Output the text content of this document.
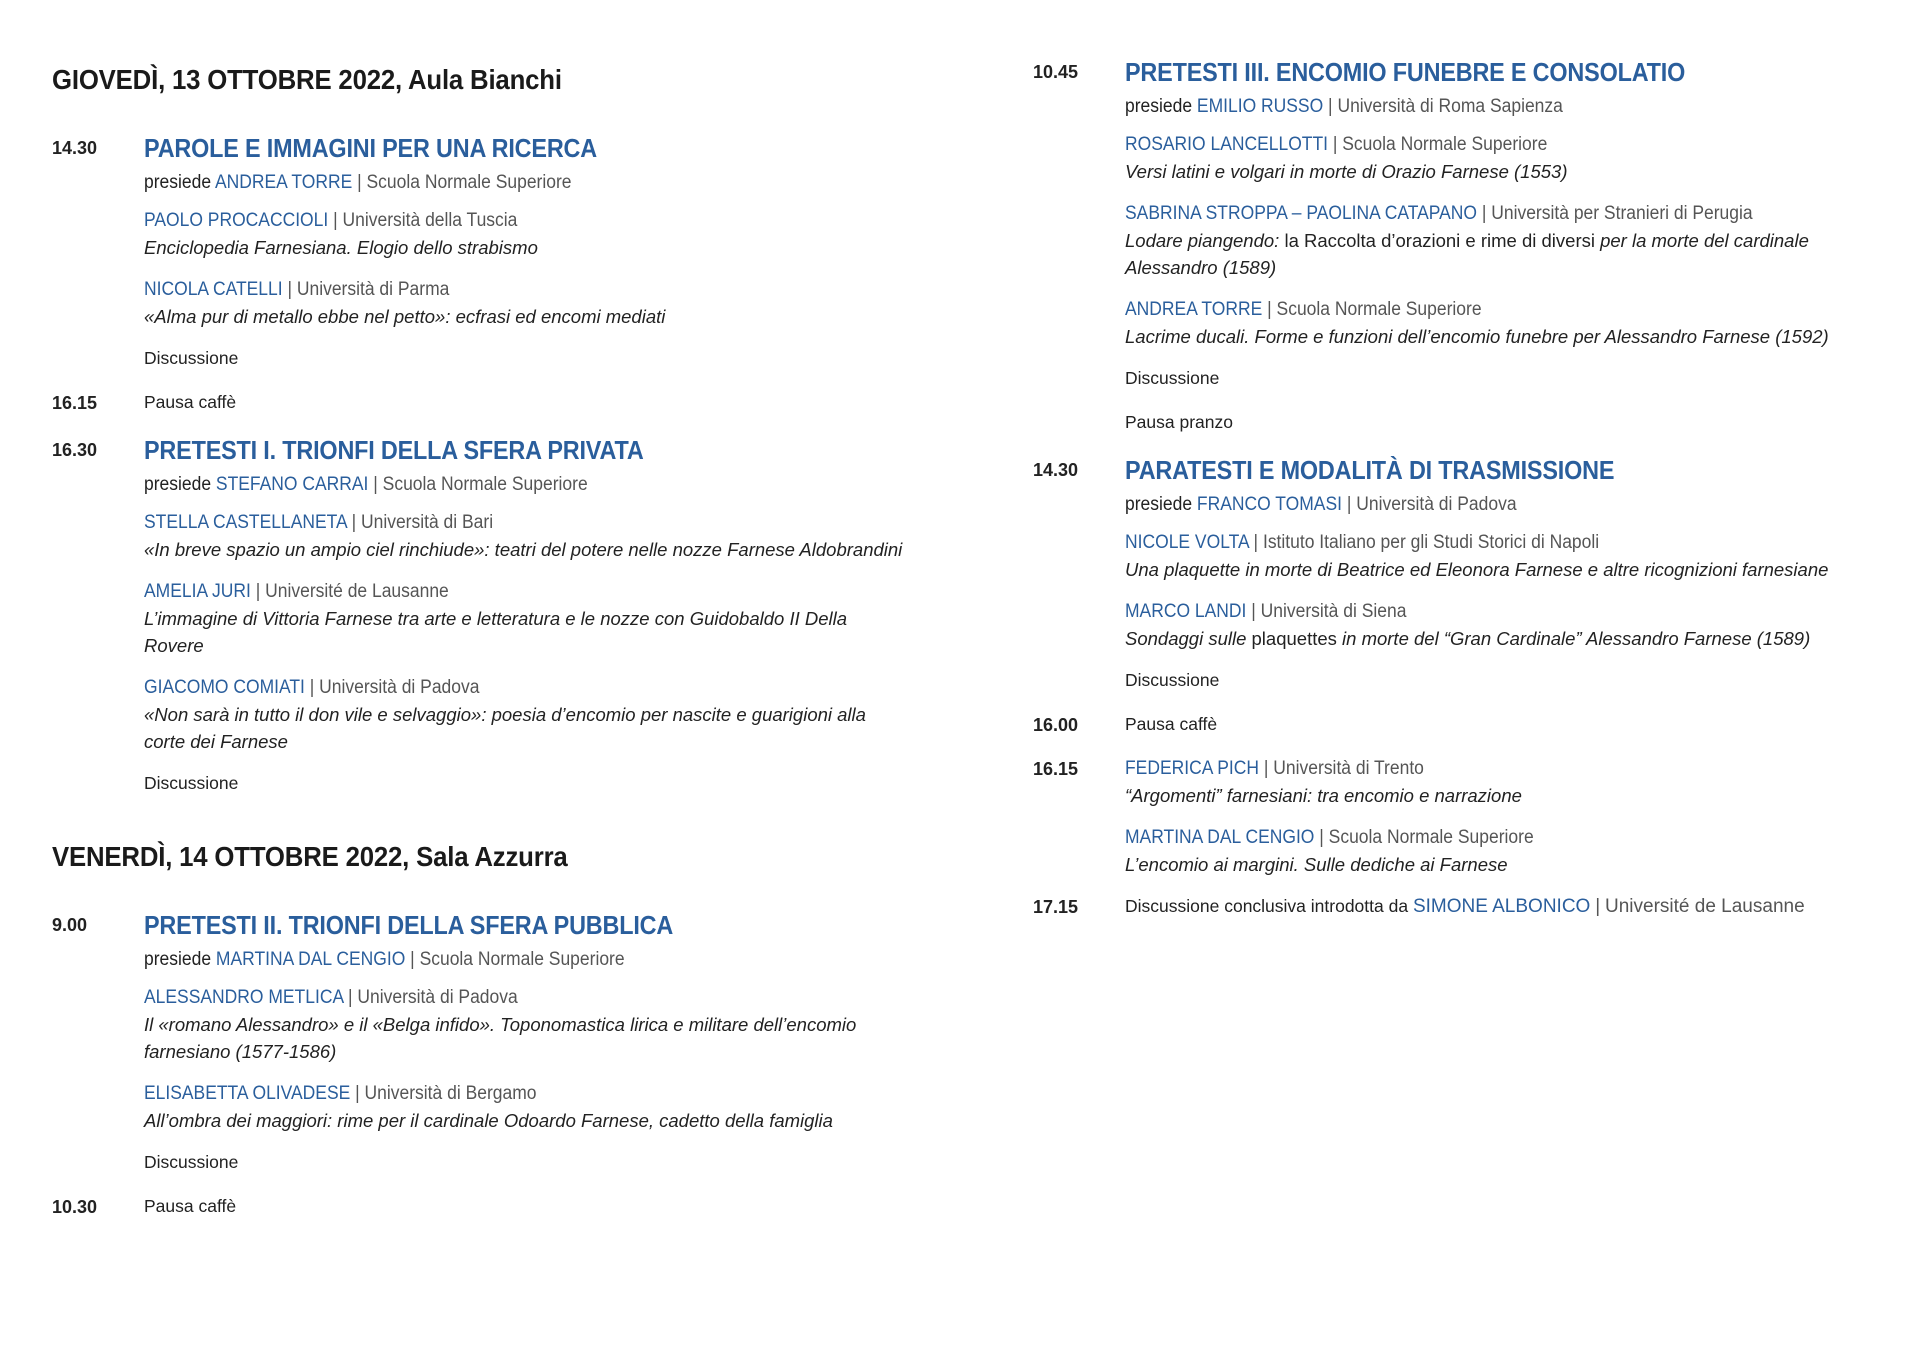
GIOVEDÌ, 13 OTTOBRE 2022, Aula Bianchi
14.30	PAROLE E IMMAGINI PER UNA RICERCA
presiede ANDREA TORRE | Scuola Normale Superiore
PAOLO PROCACCIOLI | Università della Tuscia
Enciclopedia Farnesiana. Elogio dello strabismo
NICOLA CATELLI | Università di Parma
«Alma pur di metallo ebbe nel petto»: ecfrasi ed encomi mediati
Discussione
16.15	Pausa caffè
16.30	PRETESTI I. TRIONFI DELLA SFERA PRIVATA
presiede STEFANO CARRAI | Scuola Normale Superiore
STELLA CASTELLANETA | Università di Bari
«In breve spazio un ampio ciel rinchiude»: teatri del potere nelle nozze Farnese Aldobrandini
AMELIA JURI | Université de Lausanne
L’immagine di Vittoria Farnese tra arte e letteratura e le nozze con Guidobaldo II Della Rovere
GIACOMO COMIATI | Università di Padova
«Non sarà in tutto il don vile e selvaggio»: poesia d’encomio per nascite e guarigioni alla corte dei Farnese
Discussione
VENERDÌ, 14 OTTOBRE 2022, Sala Azzurra
9.00	PRETESTI II. TRIONFI DELLA SFERA PUBBLICA
presiede MARTINA DAL CENGIO | Scuola Normale Superiore
ALESSANDRO METLICA | Università di Padova
Il «romano Alessandro» e il «Belga infido». Toponomastica lirica e militare dell’encomio farnesiano (1577-1586)
ELISABETTA OLIVADESE | Università di Bergamo
All’ombra dei maggiori: rime per il cardinale Odoardo Farnese, cadetto della famiglia
Discussione
10.30	Pausa caffè
10.45	PRETESTI III. ENCOMIO FUNEBRE E CONSOLATIO
presiede EMILIO RUSSO | Università di Roma Sapienza
ROSARIO LANCELLOTTI | Scuola Normale Superiore
Versi latini e volgari in morte di Orazio Farnese (1553)
SABRINA STROPPA – PAOLINA CATAPANO | Università per Stranieri di Perugia
Lodare piangendo: la Raccolta d’orazioni e rime di diversi per la morte del cardinale Alessandro (1589)
ANDREA TORRE | Scuola Normale Superiore
Lacrime ducali. Forme e funzioni dell’encomio funebre per Alessandro Farnese (1592)
Discussione
Pausa pranzo
14.30	PARATESTI E MODALITÀ DI TRASMISSIONE
presiede FRANCO TOMASI | Università di Padova
NICOLE VOLTA | Istituto Italiano per gli Studi Storici di Napoli
Una plaquette in morte di Beatrice ed Eleonora Farnese e altre ricognizioni farnesiane
MARCO LANDI | Università di Siena
Sondaggi sulle plaquettes in morte del “Gran Cardinale” Alessandro Farnese (1589)
Discussione
16.00	Pausa caffè
16.15	FEDERICA PICH | Università di Trento
“Argomenti” farnesiani: tra encomio e narrazione
MARTINA DAL CENGIO | Scuola Normale Superiore
L’encomio ai margini. Sulle dediche ai Farnese
17.15	Discussione conclusiva introdotta da SIMONE ALBONICO | Université de Lausanne
